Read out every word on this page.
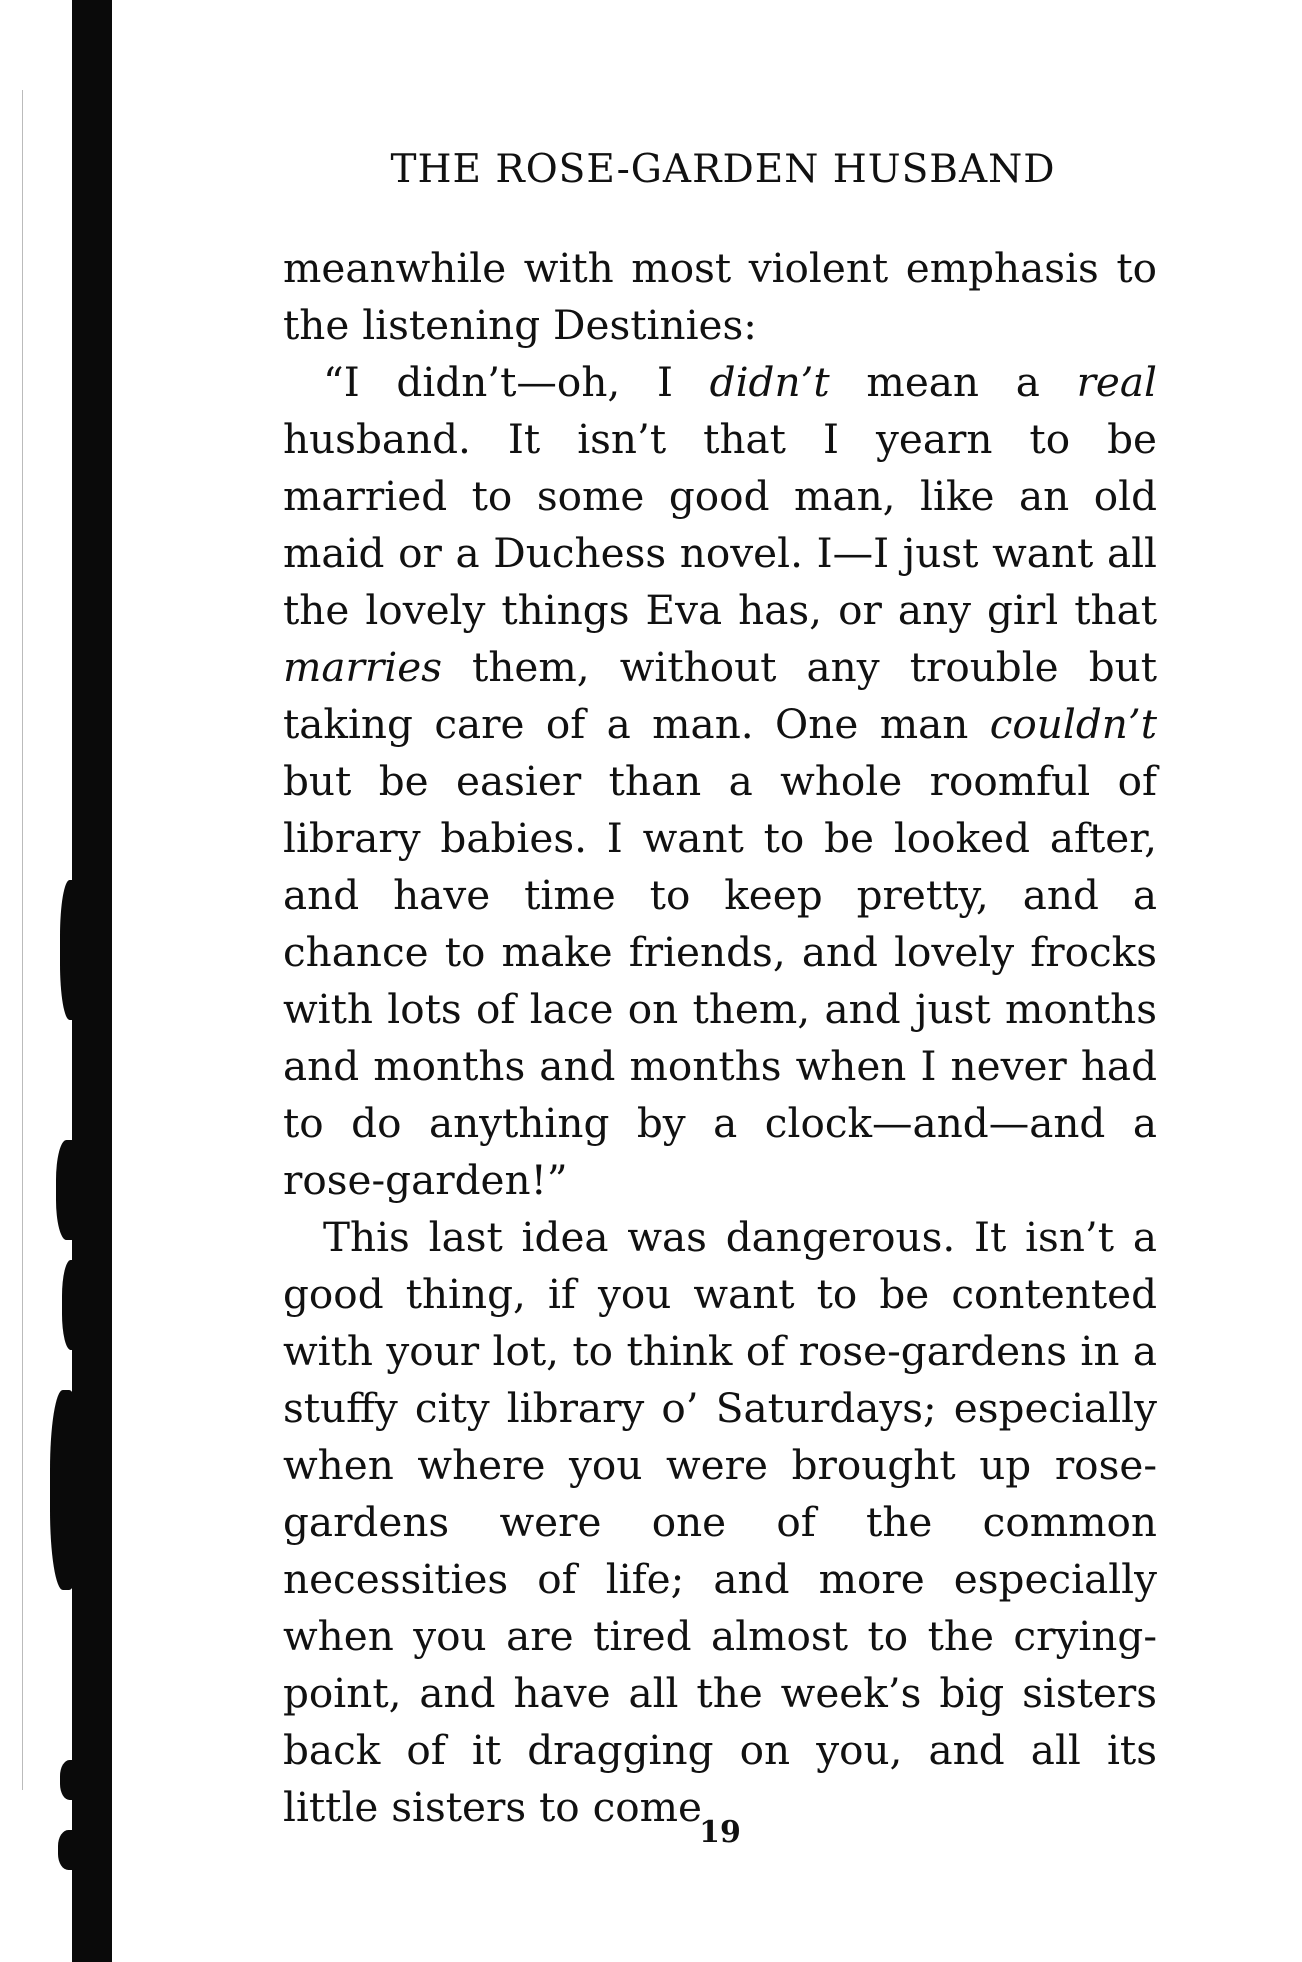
THE ROSE-GARDEN HUSBAND

meanwhile with most violent emphasis to the listening Destinies:

“I didn’t—oh, I didn’t mean a real husband. It isn’t that I yearn to be married to some good man, like an old maid or a Duchess novel. I—I just want all the lovely things Eva has, or any girl that marries them, without any trouble but taking care of a man. One man couldn’t but be easier than a whole roomful of library babies. I want to be looked after, and have time to keep pretty, and a chance to make friends, and lovely frocks with lots of lace on them, and just months and months and months when I never had to do anything by a clock—and—and a rose-garden!”

This last idea was dangerous. It isn’t a good thing, if you want to be contented with your lot, to think of rose-gardens in a stuffy city library o’ Saturdays; especially when where you were brought up rose-gardens were one of the common necessities of life; and more especially when you are tired almost to the crying-point, and have all the week’s big sisters back of it dragging on you, and all its little sisters to come

19
